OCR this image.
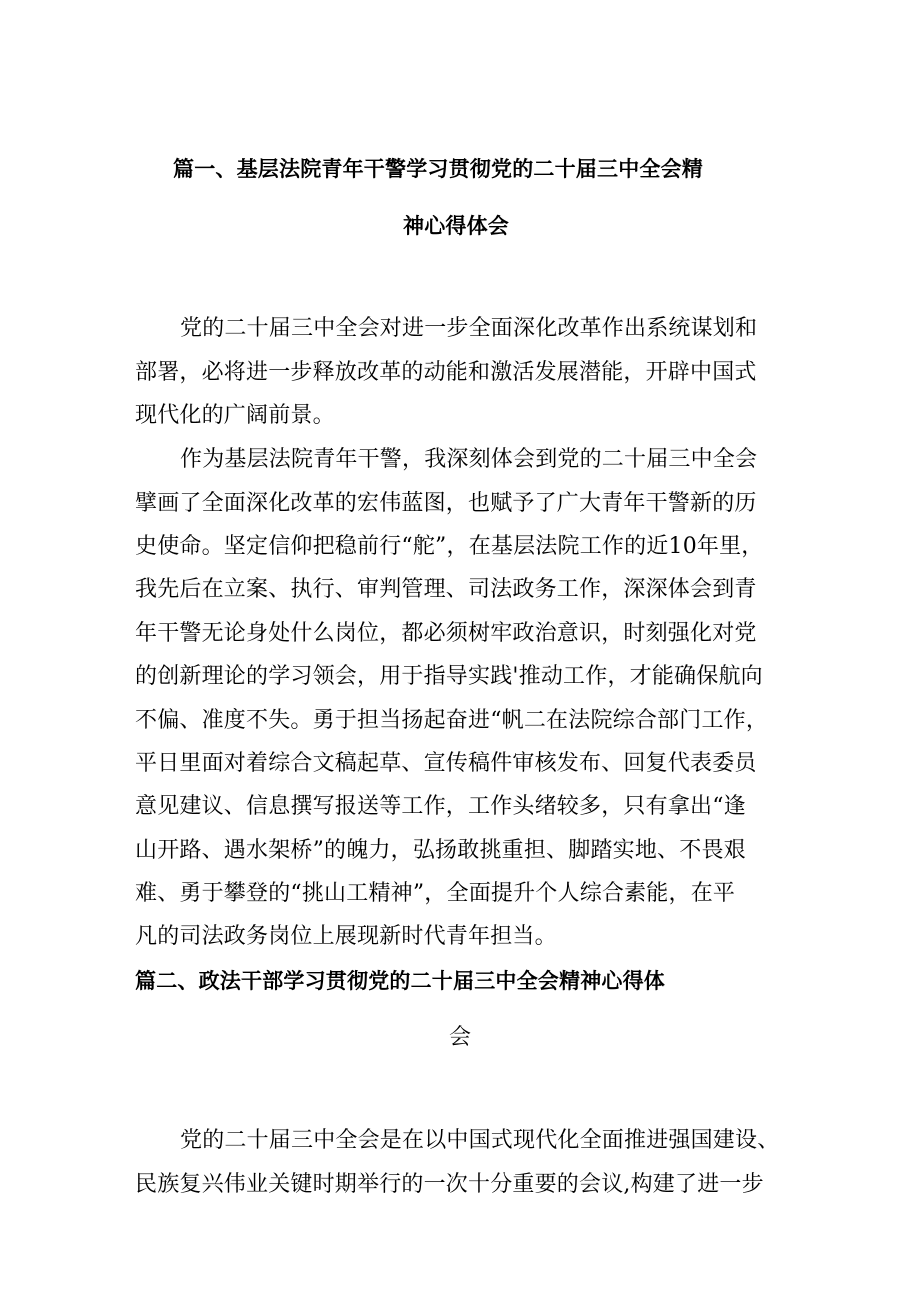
篇一、基层法院青年干警学习贯彻党的二十届三中全会精
神心得体会
党的二十届三中全会对进一步全面深化改革作出系统谋划和
部署，必将进一步释放改革的动能和激活发展潜能，开辟中国式
现代化的广阔前景。
作为基层法院青年干警，我深刻体会到党的二十届三中全会
擘画了全面深化改革的宏伟蓝图，也赋予了广大青年干警新的历
史使命。坚定信仰把稳前行“舵”，在基层法院工作的近10年里，
我先后在立案、执行、审判管理、司法政务工作，深深体会到青
年干警无论身处什么岗位，都必须树牢政治意识，时刻强化对党
的创新理论的学习领会，用于指导实践'推动工作，才能确保航向
不偏、准度不失。勇于担当扬起奋进“帆二在法院综合部门工作，
平日里面对着综合文稿起草、宣传稿件审核发布、回复代表委员
意见建议、信息撰写报送等工作，工作头绪较多，只有拿出“逢
山开路、遇水架桥”的魄力，弘扬敢挑重担、脚踏实地、不畏艰
难、勇于攀登的“挑山工精神”，全面提升个人综合素能，在平
凡的司法政务岗位上展现新时代青年担当。
篇二、政法干部学习贯彻党的二十届三中全会精神心得体
会
党的二十届三中全会是在以中国式现代化全面推进强国建设、
民族复兴伟业关键时期举行的一次十分重要的会议,构建了进一步
